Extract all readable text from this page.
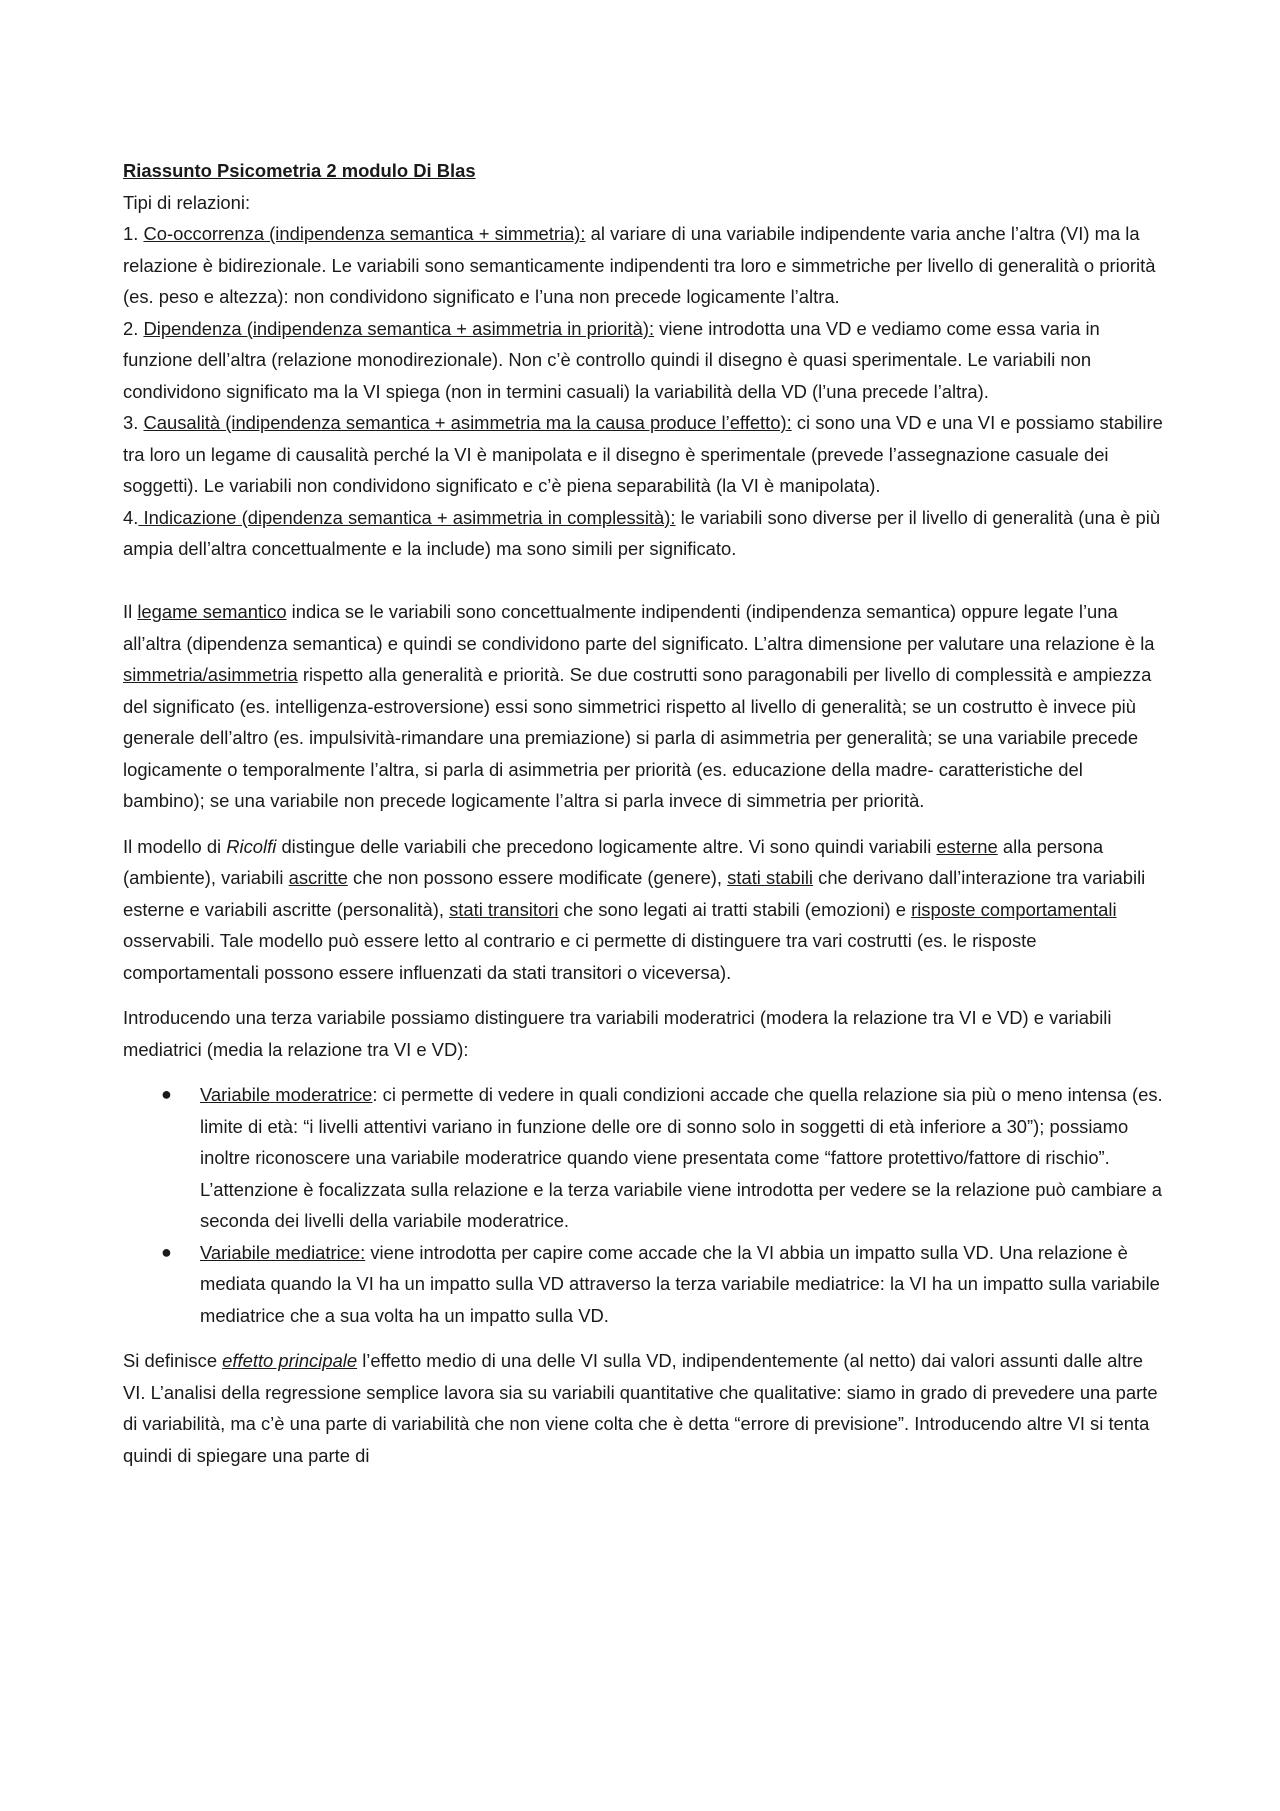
Riassunto Psicometria 2 modulo Di Blas

Tipi di relazioni:

1. Co-occorrenza (indipendenza semantica + simmetria): al variare di una variabile indipendente varia anche l’altra (VI) ma la relazione è bidirezionale. Le variabili sono semanticamente indipendenti tra loro e simmetriche per livello di generalità o priorità (es. peso e altezza): non condividono significato e l’una non precede logicamente l’altra.

2. Dipendenza (indipendenza semantica + asimmetria in priorità): viene introdotta una VD e vediamo come essa varia in funzione dell’altra (relazione monodirezionale). Non c’è controllo quindi il disegno è quasi sperimentale. Le variabili non condividono significato ma la VI spiega (non in termini casuali) la variabilità della VD (l’una precede l’altra).

3. Causalità (indipendenza semantica + asimmetria ma la causa produce l’effetto): ci sono una VD e una VI e possiamo stabilire tra loro un legame di causalità perché la VI è manipolata e il disegno è sperimentale (prevede l’assegnazione casuale dei soggetti). Le variabili non condividono significato e c’è piena separabilità (la VI è manipolata).

4. Indicazione (dipendenza semantica + asimmetria in complessità): le variabili sono diverse per il livello di generalità (una è più ampia dell’altra concettualmente e la include) ma sono simili per significato.

Il legame semantico indica se le variabili sono concettualmente indipendenti (indipendenza semantica) oppure legate l’una all’altra (dipendenza semantica) e quindi se condividono parte del significato. L’altra dimensione per valutare una relazione è la simmetria/asimmetria rispetto alla generalità e priorità. Se due costrutti sono paragonabili per livello di complessità e ampiezza del significato (es. intelligenza-estroversione) essi sono simmetrici rispetto al livello di generalità; se un costrutto è invece più generale dell’altro (es. impulsività-rimandare una premiazione) si parla di asimmetria per generalità; se una variabile precede logicamente o temporalmente l’altra, si parla di asimmetria per priorità (es. educazione della madre- caratteristiche del bambino); se una variabile non precede logicamente l’altra si parla invece di simmetria per priorità.

Il modello di Ricolfi distingue delle variabili che precedono logicamente altre. Vi sono quindi variabili esterne alla persona (ambiente), variabili ascritte che non possono essere modificate (genere), stati stabili che derivano dall’interazione tra variabili esterne e variabili ascritte (personalità), stati transitori che sono legati ai tratti stabili (emozioni) e risposte comportamentali osservabili. Tale modello può essere letto al contrario e ci permette di distinguere tra vari costrutti (es. le risposte comportamentali possono essere influenzati da stati transitori o viceversa).

Introducendo una terza variabile possiamo distinguere tra variabili moderatrici (modera la relazione tra VI e VD) e variabili mediatrici (media la relazione tra VI e VD):

● Variabile moderatrice: ci permette di vedere in quali condizioni accade che quella relazione sia più o meno intensa (es. limite di età: “i livelli attentivi variano in funzione delle ore di sonno solo in soggetti di età inferiore a 30”); possiamo inoltre riconoscere una variabile moderatrice quando viene presentata come “fattore protettivo/fattore di rischio”. L’attenzione è focalizzata sulla relazione e la terza variabile viene introdotta per vedere se la relazione può cambiare a seconda dei livelli della variabile moderatrice.
● Variabile mediatrice: viene introdotta per capire come accade che la VI abbia un impatto sulla VD. Una relazione è mediata quando la VI ha un impatto sulla VD attraverso la terza variabile mediatrice: la VI ha un impatto sulla variabile mediatrice che a sua volta ha un impatto sulla VD.

Si definisce effetto principale l’effetto medio di una delle VI sulla VD, indipendentemente (al netto) dai valori assunti dalle altre VI. L’analisi della regressione semplice lavora sia su variabili quantitative che qualitative: siamo in grado di prevedere una parte di variabilità, ma c’è una parte di variabilità che non viene colta che è detta “errore di previsione”. Introducendo altre VI si tenta quindi di spiegare una parte di
